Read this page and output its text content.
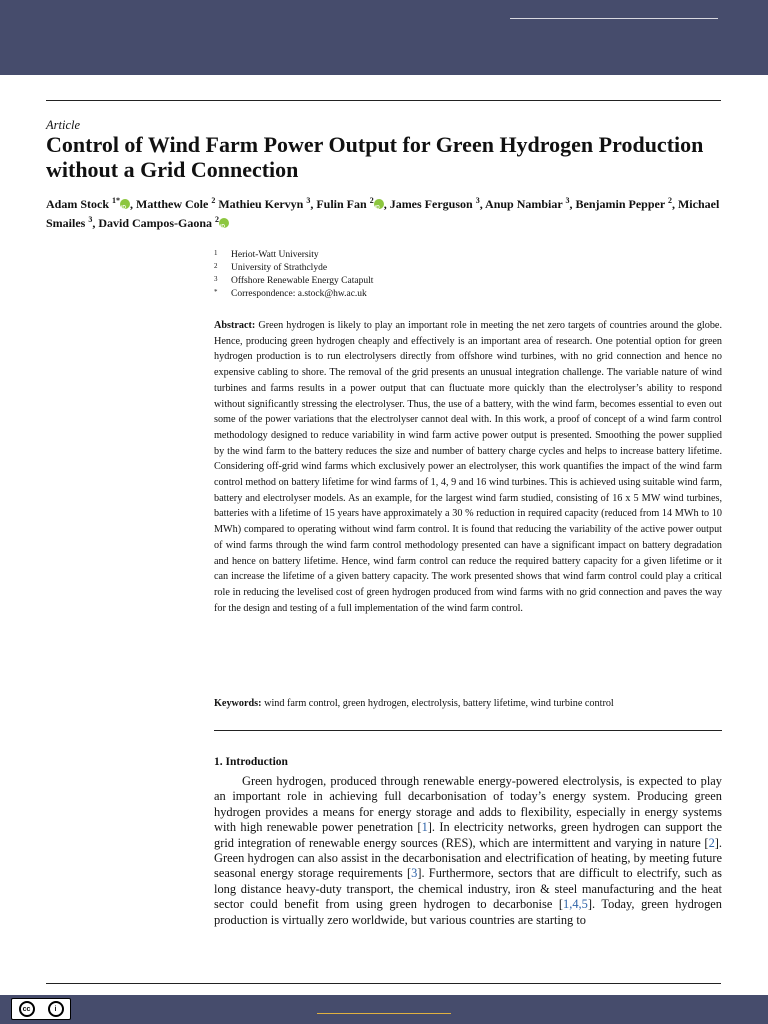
Article
Control of Wind Farm Power Output for Green Hydrogen Production without a Grid Connection
Adam Stock $^{1*}$ iD , Matthew Cole $^2$ Mathieu Kervyn $^3$, Fulin Fan $^2$ iD , James Ferguson $^3$, Anup Nambiar $^3$, Benjamin Pepper $^2$, Michael Smailes $^3$, David Campos-Gaona $^2$iD
1	Heriot-Watt University
2	University of Strathclyde
3	Offshore Renewable Energy Catapult
*	Correspondence: a.stock@hw.ac.uk
Abstract: Green hydrogen is likely to play an important role in meeting the net zero targets of countries around the globe. Hence, producing green hydrogen cheaply and effectively is an important area of research. One potential option for green hydrogen production is to run electrolysers directly from offshore wind turbines, with no grid connection and hence no expensive cabling to shore. The removal of the grid presents an unusual integration challenge. The variable nature of wind turbines and farms results in a power output that can fluctuate more quickly than the electrolyser’s ability to respond without significantly stressing the electrolyser. Thus, the use of a battery, with the wind farm, becomes essential to even out some of the power variations that the electrolyser cannot deal with. In this work, a proof of concept of a wind farm control methodology designed to reduce variability in wind farm active power output is presented. Smoothing the power supplied by the wind farm to the battery reduces the size and number of battery charge cycles and helps to increase battery lifetime. Considering off-grid wind farms which exclusively power an electrolyser, this work quantifies the impact of the wind farm control method on battery lifetime for wind farms of 1, 4, 9 and 16 wind turbines. This is achieved using suitable wind farm, battery and electrolyser models. As an example, for the largest wind farm studied, consisting of 16 x 5 MW wind turbines, batteries with a lifetime of 15 years have approximately a 30 % reduction in required capacity (reduced from 14 MWh to 10 MWh) compared to operating without wind farm control. It is found that reducing the variability of the active power output of wind farms through the wind farm control methodology presented can have a significant impact on battery degradation and hence on battery lifetime. Hence, wind farm control can reduce the required battery capacity for a given lifetime or it can increase the lifetime of a given battery capacity. The work presented shows that wind farm control could play a critical role in reducing the levelised cost of green hydrogen produced from wind farms with no grid connection and paves the way for the design and testing of a full implementation of the wind farm control.
Keywords: wind farm control, green hydrogen, electrolysis, battery lifetime, wind turbine control
1. Introduction
Green hydrogen, produced through renewable energy-powered electrolysis, is expected to play an important role in achieving full decarbonisation of today’s energy system. Producing green hydrogen provides a means for energy storage and adds to flexibility, especially in energy systems with high renewable power penetration [1]. In electricity networks, green hydrogen can support the grid integration of renewable energy sources (RES), which are intermittent and varying in nature [2]. Green hydrogen can also assist in the decarbonisation and electrification of heating, by meeting future seasonal energy storage requirements [3]. Furthermore, sectors that are difficult to electrify, such as long distance heavy-duty transport, the chemical industry, iron & steel manufacturing and the heat sector could benefit from using green hydrogen to decarbonise [1,4,5]. Today, green hydrogen production is virtually zero worldwide, but various countries are starting to
cc	i
